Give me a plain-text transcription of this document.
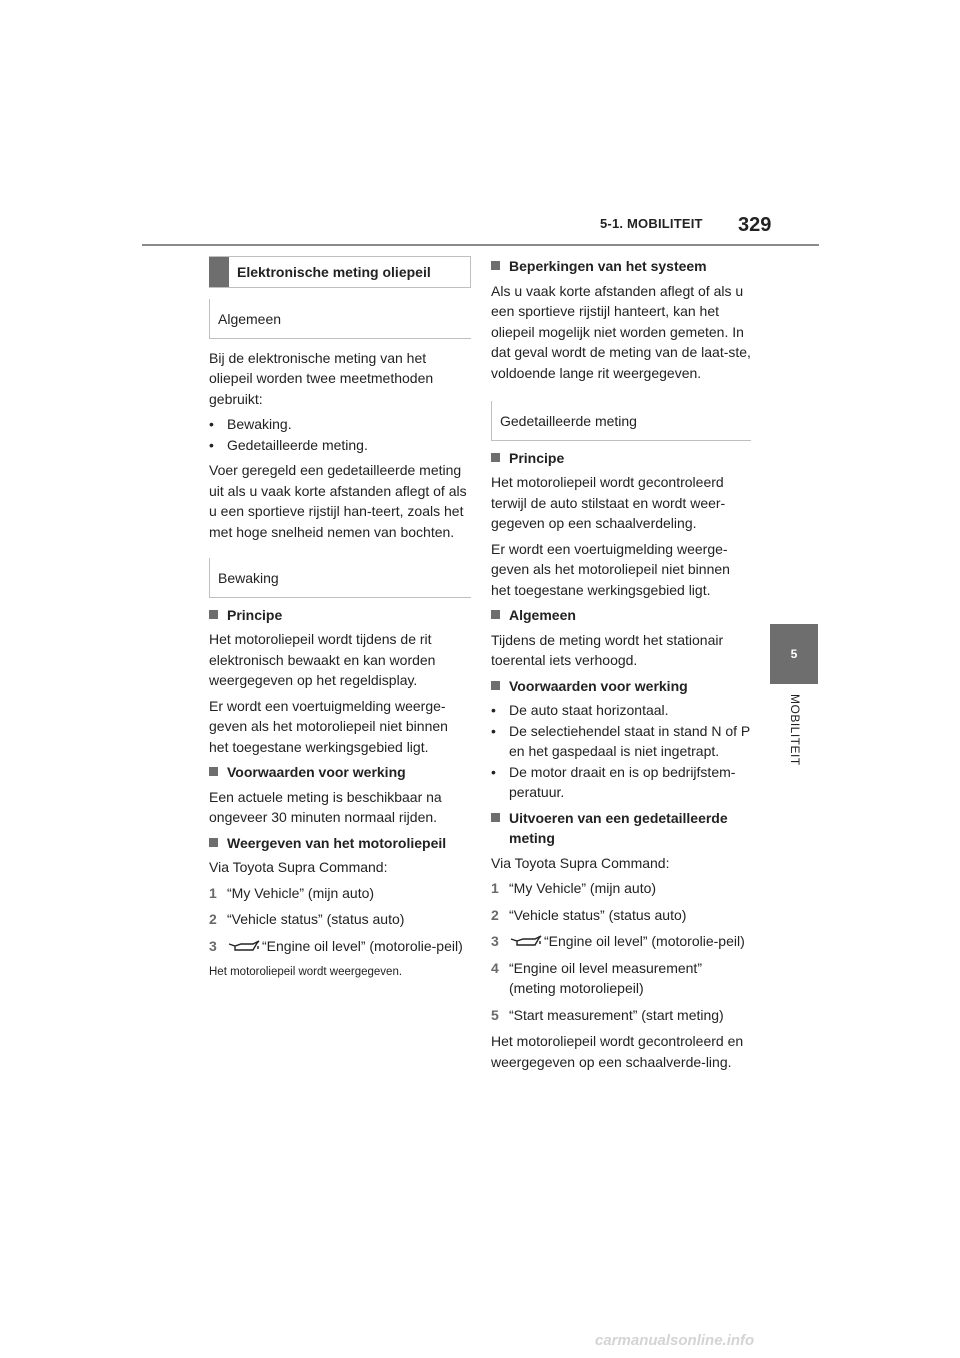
5-1. MOBILITEIT 329
5
MOBILITEIT
Elektronische meting oliepeil
Algemeen

Bij de elektronische meting van het oliepeil worden twee meetmethoden gebruikt:

• Bewaking.
• Gedetailleerde meting.

Voer geregeld een gedetailleerde meting uit als u vaak korte afstanden aflegt of als u een sportieve rijstijl han-teert, zoals het met hoge snelheid nemen van bochten.

Bewaking
Principe

Het motoroliepeil wordt tijdens de rit elektronisch bewaakt en kan worden weergegeven op het regeldisplay.

Er wordt een voertuigmelding weerge-geven als het motoroliepeil niet binnen het toegestane werkingsgebied ligt.

Voorwaarden voor werking

Een actuele meting is beschikbaar na ongeveer 30 minuten normaal rijden.

Weergeven van het motoroliepeil

Via Toyota Supra Command:

1 “My Vehicle” (mijn auto)
2 “Vehicle status” (status auto)
3	“Engine oil level” (motorolie-peil)

Het motoroliepeil wordt weergegeven.

Beperkingen van het systeem

Als u vaak korte afstanden aflegt of als u een sportieve rijstijl hanteert, kan het oliepeil mogelijk niet worden gemeten. In dat geval wordt de meting van de laat-ste, voldoende lange rit weergegeven.

Gedetailleerde meting
Principe

Het motoroliepeil wordt gecontroleerd terwijl de auto stilstaat en wordt weer-gegeven op een schaalverdeling.

Er wordt een voertuigmelding weerge-geven als het motoroliepeil niet binnen het toegestane werkingsgebied ligt.

Algemeen

Tijdens de meting wordt het stationair toerental iets verhoogd.

Voorwaarden voor werking
• De auto staat horizontaal.
• De selectiehendel staat in stand N of P en het gaspedaal is niet ingetrapt.
• De motor draait en is op bedrijfstem-peratuur.
Uitvoeren van een gedetailleerde meting

Via Toyota Supra Command:

1 “My Vehicle” (mijn auto)
2 “Vehicle status” (status auto)
3	“Engine oil level” (motorolie-peil)
4 “Engine oil level measurement” (meting motoroliepeil)
5 “Start measurement” (start meting)

Het motoroliepeil wordt gecontroleerd en weergegeven op een schaalverde-ling.

carmanualsonline.info
